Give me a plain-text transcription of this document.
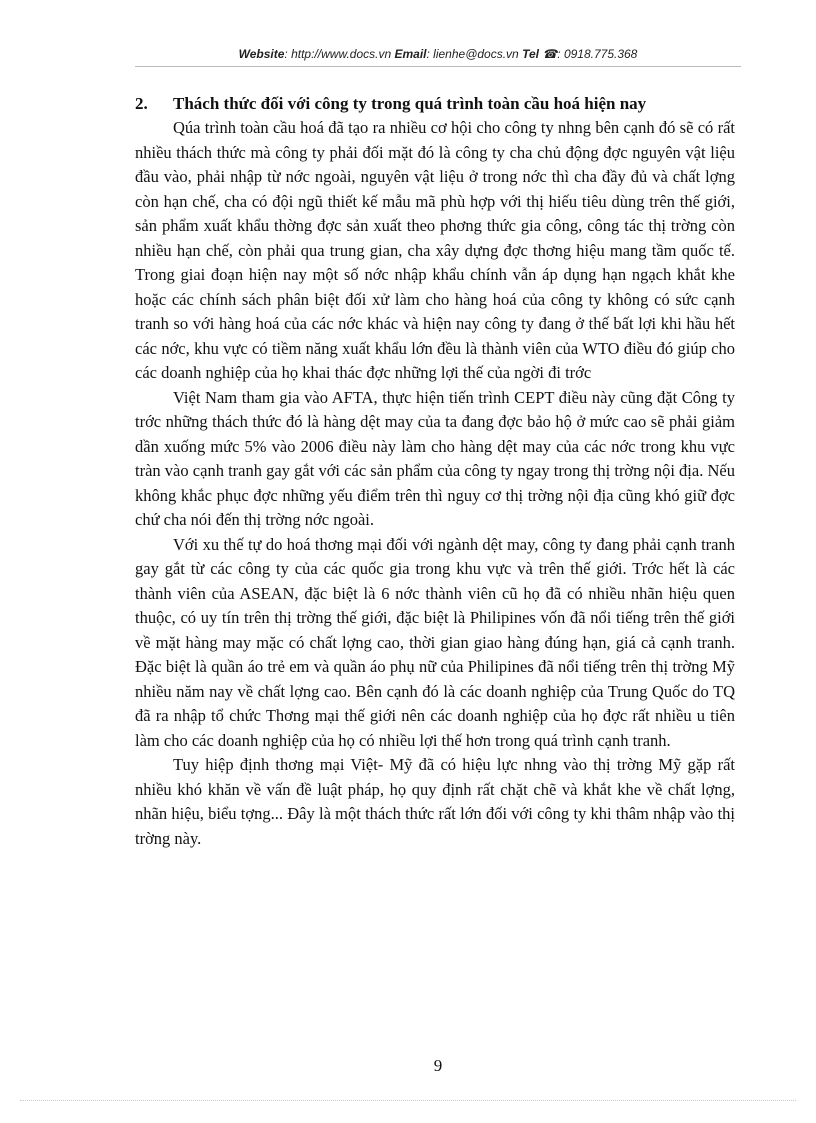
Website: http://www.docs.vn Email: lienhe@docs.vn Tel ☎: 0918.775.368

2. Thách thức đối với công ty trong quá trình toàn cầu hoá hiện nay

Qúa trình toàn cầu hoá đã tạo ra nhiều cơ hội cho công ty nhng bên cạnh đó sẽ có rất nhiều thách thức mà công ty phải đối mặt đó là công ty cha chủ động đợc nguyên vật liệu đầu vào, phải nhập từ nớc ngoài, nguyên vật liệu ở trong nớc thì cha đầy đủ và chất lợng còn hạn chế, cha có đội ngũ thiết kế mẫu mã phù hợp với thị hiếu tiêu dùng trên thế giới, sản phẩm xuất khẩu thờng đợc sản xuất theo phơng thức gia công, công tác thị trờng còn nhiều hạn chế, còn phải qua trung gian, cha xây dựng đợc thơng hiệu mang tầm quốc tế. Trong giai đoạn hiện nay một số nớc nhập khẩu chính vẫn áp dụng hạn ngạch khắt khe hoặc các chính sách phân biệt đối xử làm cho hàng hoá của công ty không có sức cạnh tranh so với hàng hoá của các nớc khác và hiện nay công ty đang ở thế bất lợi khi hầu hết các nớc, khu vực có tiềm năng xuất khẩu lớn đều là thành viên của WTO điều đó giúp cho các doanh nghiệp của họ khai thác đợc những lợi thế của ngời đi trớc

Việt Nam tham gia vào AFTA, thực hiện tiến trình CEPT điều này cũng đặt Công ty trớc những thách thức đó là hàng dệt may của ta đang đợc bảo hộ ở mức cao sẽ phải giảm dần xuống mức 5% vào 2006 điều này làm cho hàng dệt may của các nớc trong khu vực tràn vào cạnh tranh gay gắt với các sản phẩm của công ty ngay trong thị trờng nội địa. Nếu không khắc phục đợc những yếu điểm trên thì nguy cơ thị trờng nội địa cũng khó giữ đợc chứ cha nói đến thị trờng nớc ngoài.

Với xu thế tự do hoá thơng mại đối với ngành dệt may, công ty đang phải cạnh tranh gay gắt từ các công ty của các quốc gia trong khu vực và trên thế giới. Trớc hết là các thành viên của ASEAN, đặc biệt là 6 nớc thành viên cũ họ đã có nhiều nhãn hiệu quen thuộc, có uy tín trên thị trờng thế giới, đặc biệt là Philipines vốn đã nổi tiếng trên thế giới về mặt hàng may mặc có chất lợng cao, thời gian giao hàng đúng hạn, giá cả cạnh tranh. Đặc biệt là quần áo trẻ em và quần áo phụ nữ của Philipines đã nổi tiếng trên thị trờng Mỹ nhiều năm nay về chất lợng cao. Bên cạnh đó là các doanh nghiệp của Trung Quốc do TQ đã ra nhập tổ chức Thơng mại thế giới nên các doanh nghiệp của họ đợc rất nhiều u tiên làm cho các doanh nghiệp của họ có nhiều lợi thế hơn trong quá trình cạnh tranh.

Tuy hiệp định thơng mại Việt- Mỹ đã có hiệu lực nhng vào thị trờng Mỹ gặp rất nhiều khó khăn về vấn đề luật pháp, họ quy định rất chặt chẽ và khắt khe về chất lợng, nhãn hiệu, biểu tợng... Đây là một thách thức rất lớn đối với công ty khi thâm nhập vào thị trờng này.

9
